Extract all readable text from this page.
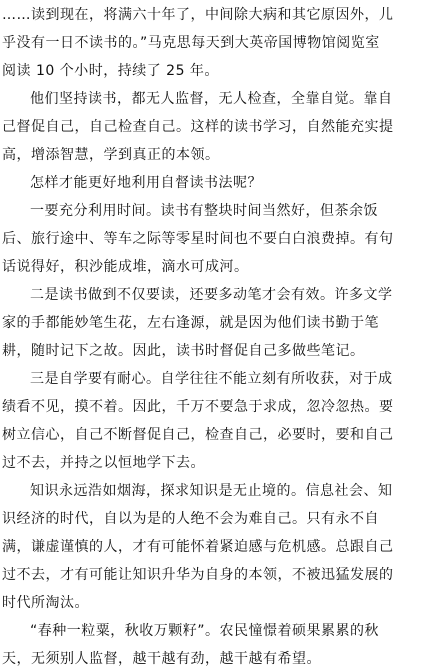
……读到现在，将满六十年了，中间除大病和其它原因外，儿
乎没有一日不读书的。”马克思每天到大英帝国博物馆阅览室
阅读 10 个小时，持续了 25 年。
他们坚持读书，都无人监督，无人检查，全靠自觉。靠自
己督促自己，自己检查自己。这样的读书学习，自然能充实提
高，增添智慧，学到真正的本领。
怎样才能更好地利用自督读书法呢？
一要充分利用时间。读书有整块时间当然好，但茶余饭
后、旅行途中、等车之际等零星时间也不要白白浪费掉。有句
话说得好，积沙能成堆，滴水可成河。
二是读书做到不仅要读，还要多动笔才会有效。许多文学
家的手都能妙笔生花，左右逢源，就是因为他们读书勤于笔
耕，随时记下之故。因此，读书时督促自己多做些笔记。
三是自学要有耐心。自学往往不能立刻有所收获，对于成
绩看不见，摸不着。因此，千万不要急于求成，忽冷忽热。要
树立信心，自己不断督促自己，检查自己，必要时，要和自己
过不去，并持之以恒地学下去。
知识永远浩如烟海，探求知识是无止境的。信息社会、知
识经济的时代，自以为是的人绝不会为难自己。只有永不自
满，谦虚谨慎的人，才有可能怀着紧迫感与危机感。总跟自己
过不去，才有可能让知识升华为自身的本领，不被迅猛发展的
时代所淘汰。
“春种一粒粟，秋收万颗籽”。农民憧憬着硕果累累的秋
天，无须别人监督，越干越有劲，越干越有希望。
